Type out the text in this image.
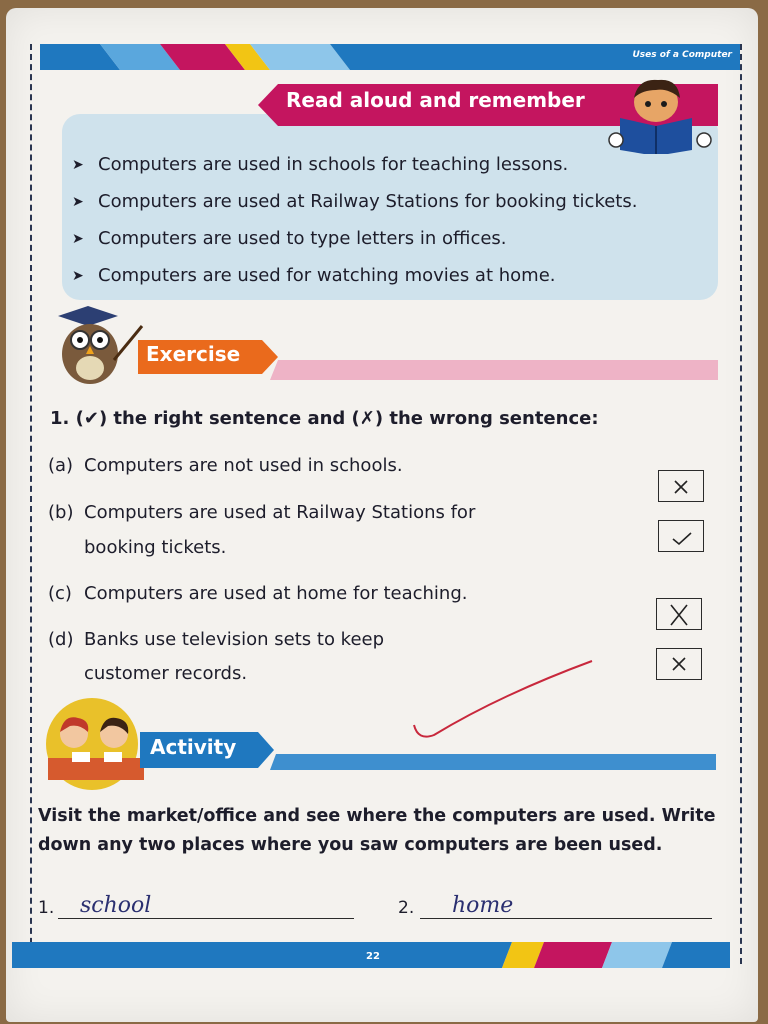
Uses of a Computer
Read aloud and remember
➤ Computers are used in schools for teaching lessons.
➤ Computers are used at Railway Stations for booking tickets.
➤ Computers are used to type letters in offices.
➤ Computers are used for watching movies at home.
Exercise
1. (✔) the right sentence and (✗) the wrong sentence:
(a) Computers are not used in schools.
(b) Computers are used at Railway Stations for
booking tickets.
(c) Computers are used at home for teaching.
(d) Banks use television sets to keep
customer records.
Activity
Visit the market/office and see where the computers are used. Write down any two places where you saw computers are been used.
1. school	2. home
22
